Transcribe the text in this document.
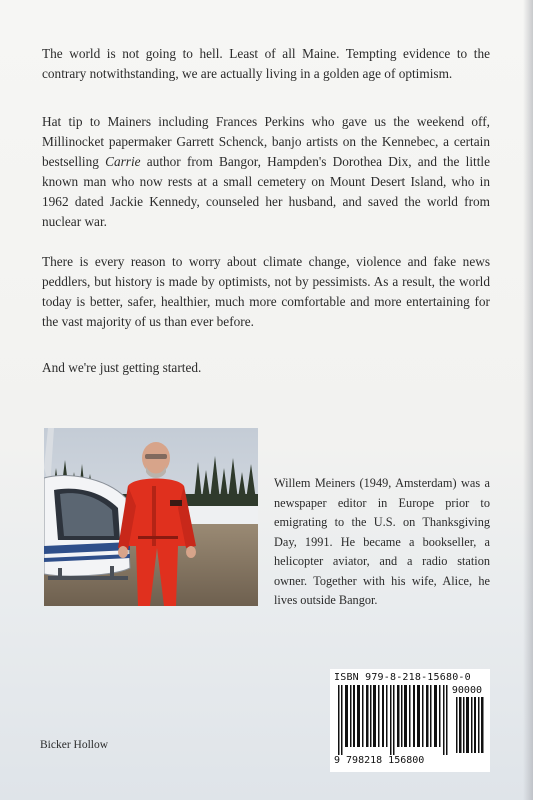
The world is not going to hell. Least of all Maine. Tempting evidence to the contrary notwithstanding, we are actually living in a golden age of optimism.

Hat tip to Mainers including Frances Perkins who gave us the weekend off, Millinocket papermaker Garrett Schenck, banjo artists on the Kennebec, a certain bestselling Carrie author from Bangor, Hampden's Dorothea Dix, and the little known man who now rests at a small cemetery on Mount Desert Island, who in 1962 dated Jackie Kennedy, counseled her husband, and saved the world from nuclear war.

There is every reason to worry about climate change, violence and fake news peddlers, but history is made by optimists, not by pessimists. As a result, the world today is better, safer, healthier, much more comfortable and more entertaining for the vast majority of us than ever before.

And we're just getting started.

Willem Meiners (1949, Amsterdam) was a newspaper editor in Europe prior to emigrating to the U.S. on Thanksgiving Day, 1991. He became a bookseller, a helicopter aviator, and a radio station owner. Together with his wife, Alice, he lives outside Bangor.

Bicker Hollow
ISBN 979-8-218-15680-0
90000
9 798218 156800
